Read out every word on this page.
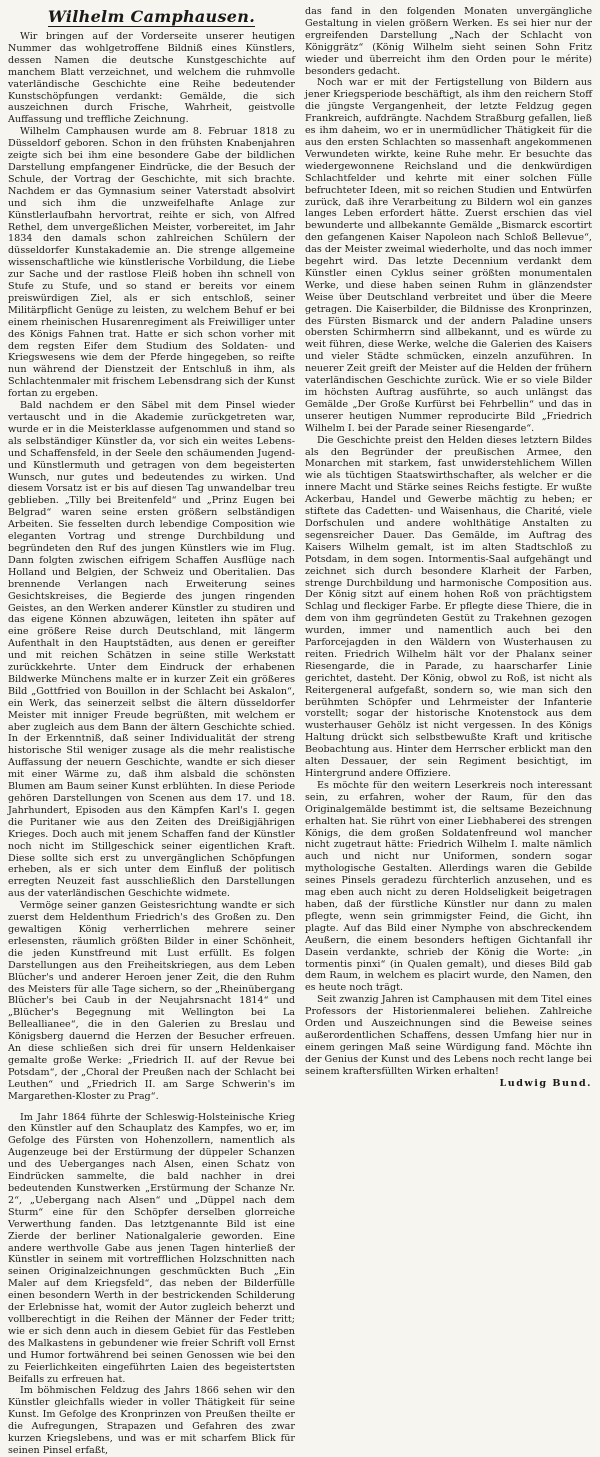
Wilhelm Camphausen.

Wir bringen auf der Vorderseite unserer heutigen Nummer das wohlgetroffene Bildniß eines Künstlers, dessen Namen die deutsche Kunstgeschichte auf manchem Blatt verzeichnet, und welchem die ruhmvolle vaterländische Geschichte eine Reihe bedeutender Kunstschöpfungen verdankt: Gemälde, die sich auszeichnen durch Frische, Wahrheit, geistvolle Auffassung und treffliche Zeichnung.

Wilhelm Camphausen wurde am 8. Februar 1818 zu Düsseldorf geboren. Schon in den frühsten Knabenjahren zeigte sich bei ihm eine besondere Gabe der bildlichen Darstellung empfangener Eindrücke, die der Besuch der Schule, der Vortrag der Geschichte, mit sich brachte. Nachdem er das Gymnasium seiner Vaterstadt absolvirt und sich ihm die unzweifelhafte Anlage zur Künstlerlaufbahn hervortrat, reihte er sich, von Alfred Rethel, dem unvergeßlichen Meister, vorbereitet, im Jahr 1834 den damals schon zahlreichen Schülern der düsseldorfer Kunstakademie an. Die strenge allgemeine wissenschaftliche wie künstlerische Vorbildung, die Liebe zur Sache und der rastlose Fleiß hoben ihn schnell von Stufe zu Stufe, und so stand er bereits vor einem preiswürdigen Ziel, als er sich entschloß, seiner Militärpflicht Genüge zu leisten, zu welchem Behuf er bei einem rheinischen Husarenregiment als Freiwilliger unter des Königs Fahnen trat. Hatte er sich schon vorher mit dem regsten Eifer dem Studium des Soldaten- und Kriegswesens wie dem der Pferde hingegeben, so reifte nun während der Dienstzeit der Entschluß in ihm, als Schlachtenmaler mit frischem Lebensdrang sich der Kunst fortan zu ergeben.

Bald nachdem er den Säbel mit dem Pinsel wieder vertauscht und in die Akademie zurückgetreten war, wurde er in die Meisterklasse aufgenommen und stand so als selbständiger Künstler da, vor sich ein weites Lebens- und Schaffensfeld, in der Seele den schäumenden Jugend- und Künstlermuth und getragen von dem begeisterten Wunsch, nur gutes und bedeutendes zu wirken. Und diesem Vorsatz ist er bis auf diesen Tag unwandelbar treu geblieben. „Tilly bei Breitenfeld“ und „Prinz Eugen bei Belgrad“ waren seine ersten größern selbständigen Arbeiten. Sie fesselten durch lebendige Composition wie eleganten Vortrag und strenge Durchbildung und begründeten den Ruf des jungen Künstlers wie im Flug. Dann folgten zwischen eifrigem Schaffen Ausflüge nach Holland und Belgien, der Schweiz und Oberitalien. Das brennende Verlangen nach Erweiterung seines Gesichtskreises, die Begierde des jungen ringenden Geistes, an den Werken anderer Künstler zu studiren und das eigene Können abzuwägen, leiteten ihn später auf eine größere Reise durch Deutschland, mit längerm Aufenthalt in den Hauptstädten, aus denen er gereifter und mit reichen Schätzen in seine stille Werkstatt zurückkehrte. Unter dem Eindruck der erhabenen Bildwerke Münchens malte er in kurzer Zeit ein größeres Bild „Gottfried von Bouillon in der Schlacht bei Askalon“, ein Werk, das seinerzeit selbst die ältern düsseldorfer Meister mit inniger Freude begrüßten, mit welchem er aber zugleich aus dem Bann der ältern Geschichte schied. In der Erkenntniß, daß seiner Individualität der streng historische Stil weniger zusage als die mehr realistische Auffassung der neuern Geschichte, wandte er sich dieser mit einer Wärme zu, daß ihm alsbald die schönsten Blumen am Baum seiner Kunst erblühten. In diese Periode gehören Darstellungen von Scenen aus dem 17. und 18. Jahrhundert, Episoden aus den Kämpfen Karl's I. gegen die Puritaner wie aus den Zeiten des Dreißigjährigen Krieges. Doch auch mit jenem Schaffen fand der Künstler noch nicht im Stillgeschick seiner eigentlichen Kraft. Diese sollte sich erst zu unvergänglichen Schöpfungen erheben, als er sich unter dem Einfluß der politisch erregten Neuzeit fast ausschließlich den Darstellungen aus der vaterländischen Geschichte widmete.

Vermöge seiner ganzen Geistesrichtung wandte er sich zuerst dem Heldenthum Friedrich's des Großen zu. Den gewaltigen König verherrlichen mehrere seiner erlesensten, räumlich größten Bilder in einer Schönheit, die jeden Kunstfreund mit Lust erfüllt. Es folgen Darstellungen aus den Freiheitskriegen, aus dem Leben Blücher's und anderer Heroen jener Zeit, die den Ruhm des Meisters für alle Tage sichern, so der „Rheinübergang Blücher's bei Caub in der Neujahrsnacht 1814“ und „Blücher's Begegnung mit Wellington bei La Belleallianee“, die in den Galerien zu Breslau und Königsberg dauernd die Herzen der Besucher erfreuen. An diese schließen sich drei für unsern Heldenkaiser gemalte große Werke: „Friedrich II. auf der Revue bei Potsdam“, der „Choral der Preußen nach der Schlacht bei Leuthen“ und „Friedrich II. am Sarge Schwerin's im Margarethen-Kloster zu Prag“.

Im Jahr 1864 führte der Schleswig-Holsteinische Krieg den Künstler auf den Schauplatz des Kampfes, wo er, im Gefolge des Fürsten von Hohenzollern, namentlich als Augenzeuge bei der Erstürmung der düppeler Schanzen und des Ueberganges nach Alsen, einen Schatz von Eindrücken sammelte, die bald nachher in drei bedeutenden Kunstwerken „Erstürmung der Schanze Nr. 2“, „Uebergang nach Alsen“ und „Düppel nach dem Sturm“ eine für den Schöpfer derselben glorreiche Verwerthung fanden. Das letztgenannte Bild ist eine Zierde der berliner Nationalgalerie geworden. Eine andere werthvolle Gabe aus jenen Tagen hinterließ der Künstler in seinem mit vortrefflichen Holzschnitten nach seinen Originalzeichnungen geschmückten Buch „Ein Maler auf dem Kriegsfeld“, das neben der Bilderfülle einen besondern Werth in der bestrickenden Schilderung der Erlebnisse hat, womit der Autor zugleich beherzt und vollberechtigt in die Reihen der Männer der Feder tritt; wie er sich denn auch in diesem Gebiet für das Festleben des Malkastens in gebundener wie freier Schrift voll Ernst und Humor fortwährend bei seinen Genossen wie bei den zu Feierlichkeiten eingeführten Laien des begeistertsten Beifalls zu erfreuen hat.

Im böhmischen Feldzug des Jahrs 1866 sehen wir den Künstler gleichfalls wieder in voller Thätigkeit für seine Kunst. Im Gefolge des Kronprinzen von Preußen theilte er die Aufregungen, Strapazen und Gefahren des zwar kurzen Kriegslebens, und was er mit scharfem Blick für seinen Pinsel erfaßt,

das fand in den folgenden Monaten unvergängliche Gestaltung in vielen größern Werken. Es sei hier nur der ergreifenden Darstellung „Nach der Schlacht von Königgrätz“ (König Wilhelm sieht seinen Sohn Fritz wieder und überreicht ihm den Orden pour le mérite) besonders gedacht.

Noch war er mit der Fertigstellung von Bildern aus jener Kriegsperiode beschäftigt, als ihm den reichern Stoff die jüngste Vergangenheit, der letzte Feldzug gegen Frankreich, aufdrängte. Nachdem Straßburg gefallen, ließ es ihm daheim, wo er in unermüdlicher Thätigkeit für die aus den ersten Schlachten so massenhaft angekommenen Verwundeten wirkte, keine Ruhe mehr. Er besuchte das wiedergewonnene Reichsland und die denkwürdigen Schlachtfelder und kehrte mit einer solchen Fülle befruchteter Ideen, mit so reichen Studien und Entwürfen zurück, daß ihre Verarbeitung zu Bildern wol ein ganzes langes Leben erfordert hätte. Zuerst erschien das viel bewunderte und allbekannte Gemälde „Bismarck escortirt den gefangenen Kaiser Napoleon nach Schloß Bellevue“, das der Meister zweimal wiederholte, und das noch immer begehrt wird. Das letzte Decennium verdankt dem Künstler einen Cyklus seiner größten monumentalen Werke, und diese haben seinen Ruhm in glänzendster Weise über Deutschland verbreitet und über die Meere getragen. Die Kaiserbilder, die Bildnisse des Kronprinzen, des Fürsten Bismarck und der andern Paladine unsers obersten Schirmherrn sind allbekannt, und es würde zu weit führen, diese Werke, welche die Galerien des Kaisers und vieler Städte schmücken, einzeln anzuführen. In neuerer Zeit greift der Meister auf die Helden der frühern vaterländischen Geschichte zurück. Wie er so viele Bilder im höchsten Auftrag ausführte, so auch unlängst das Gemälde „Der Große Kurfürst bei Fehrbellin“ und das in unserer heutigen Nummer reproducirte Bild „Friedrich Wilhelm I. bei der Parade seiner Riesengarde“.

Die Geschichte preist den Helden dieses letztern Bildes als den Begründer der preußischen Armee, den Monarchen mit starkem, fast unwiderstehlichem Willen wie als tüchtigen Staatswirthschafter, als welcher er die innere Macht und Stärke seines Reichs festigte. Er wußte Ackerbau, Handel und Gewerbe mächtig zu heben; er stiftete das Cadetten- und Waisenhaus, die Charité, viele Dorfschulen und andere wohlthätige Anstalten zu segensreicher Dauer. Das Gemälde, im Auftrag des Kaisers Wilhelm gemalt, ist im alten Stadtschloß zu Potsdam, in dem sogen. Intormentis-Saal aufgehängt und zeichnet sich durch besondere Klarheit der Farben, strenge Durchbildung und harmonische Composition aus. Der König sitzt auf einem hohen Roß von prächtigstem Schlag und fleckiger Farbe. Er pflegte diese Thiere, die in dem von ihm gegründeten Gestüt zu Trakehnen gezogen wurden, immer und namentlich auch bei den Parforcejagden in den Wäldern von Wusterhausen zu reiten. Friedrich Wilhelm hält vor der Phalanx seiner Riesengarde, die in Parade, zu haarscharfer Linie gerichtet, dasteht. Der König, obwol zu Roß, ist nicht als Reitergeneral aufgefaßt, sondern so, wie man sich den berühmten Schöpfer und Lehrmeister der Infanterie vorstellt; sogar der historische Knotenstock aus dem wusterhauser Gehölz ist nicht vergessen. In des Königs Haltung drückt sich selbstbewußte Kraft und kritische Beobachtung aus. Hinter dem Herrscher erblickt man den alten Dessauer, der sein Regiment besichtigt, im Hintergrund andere Offiziere.

Es möchte für den weitern Leserkreis noch interessant sein, zu erfahren, woher der Raum, für den das Originalgemälde bestimmt ist, die seltsame Bezeichnung erhalten hat. Sie rührt von einer Liebhaberei des strengen Königs, die dem großen Soldatenfreund wol mancher nicht zugetraut hätte: Friedrich Wilhelm I. malte nämlich auch und nicht nur Uniformen, sondern sogar mythologische Gestalten. Allerdings waren die Gebilde seines Pinsels geradezu fürchterlich anzusehen, und es mag eben auch nicht zu deren Holdseligkeit beigetragen haben, daß der fürstliche Künstler nur dann zu malen pflegte, wenn sein grimmigster Feind, die Gicht, ihn plagte. Auf das Bild einer Nymphe von abschreckendem Aeußern, die einem besonders heftigen Gichtanfall ihr Dasein verdankte, schrieb der König die Worte: „in tormentis pinxi“ (in Qualen gemalt), und dieses Bild gab dem Raum, in welchem es placirt wurde, den Namen, den es heute noch trägt.

Seit zwanzig Jahren ist Camphausen mit dem Titel eines Professors der Historienmalerei beliehen. Zahlreiche Orden und Auszeichnungen sind die Beweise seines außerordentlichen Schaffens, dessen Umfang hier nur in einem geringen Maß seine Würdigung fand. Möchte ihn der Genius der Kunst und des Lebens noch recht lange bei seinem kraftersfüllten Wirken erhalten!

Ludwig Bund.
